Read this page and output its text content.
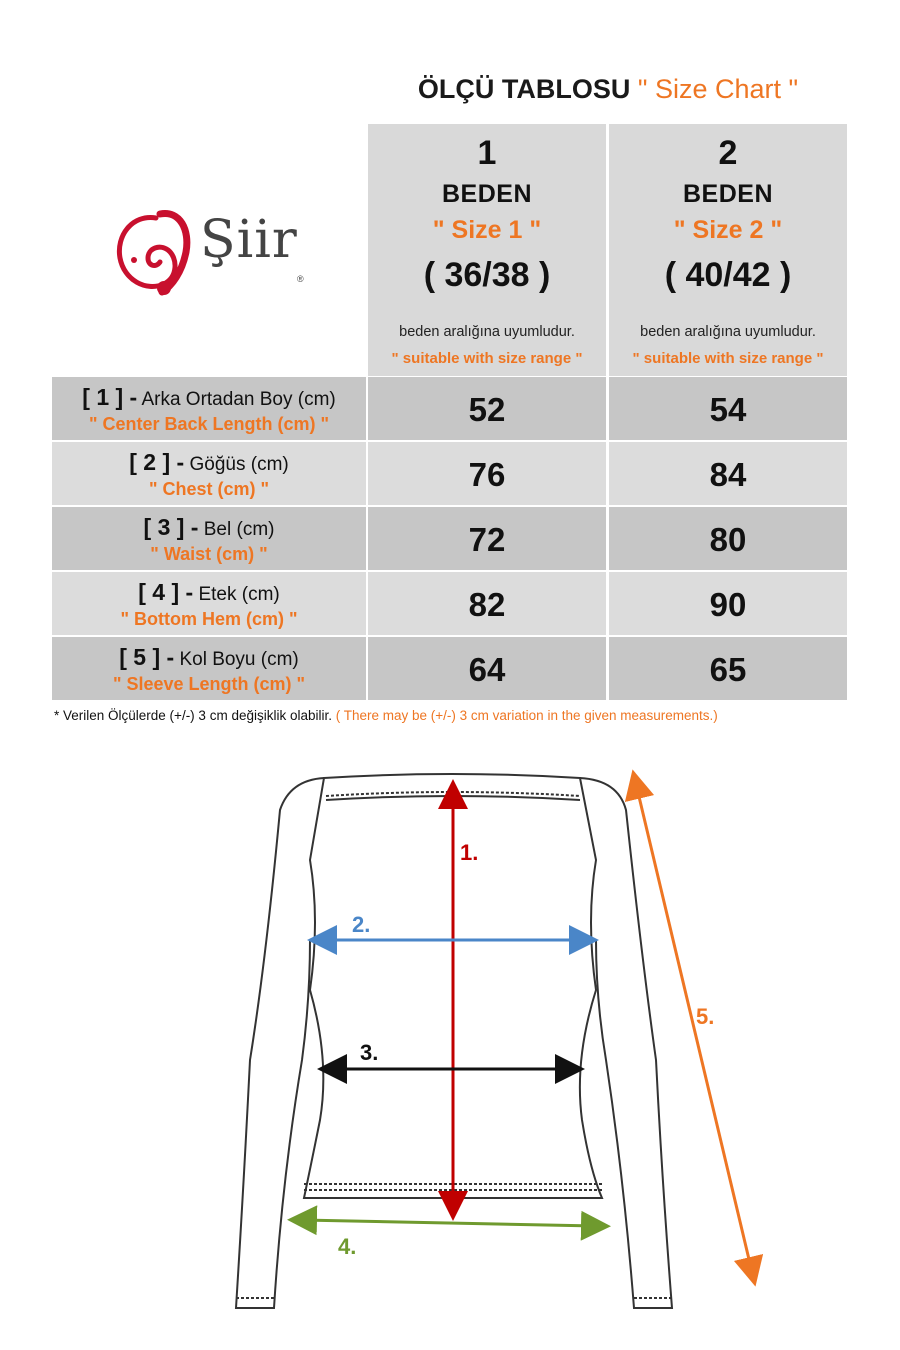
ÖLÇÜ TABLOSU " Size Chart "
Şiir
®
1
BEDEN
" Size 1 "
( 36/38 )
beden aralığına uyumludur.
" suitable with size range "
2
BEDEN
" Size 2 "
( 40/42 )
beden aralığına uyumludur.
" suitable with size range "
[ 1 ] - Arka Ortadan Boy (cm)
" Center Back Length (cm) "	52	54
[ 2 ] - Göğüs (cm)
" Chest (cm) "	76	84
[ 3 ] - Bel (cm)
" Waist (cm) "	72	80
[ 4 ] - Etek (cm)
" Bottom Hem (cm) "	82	90
[ 5 ] - Kol Boyu (cm)
" Sleeve Length (cm) "	64	65
* Verilen Ölçülerde (+/-) 3 cm değişiklik olabilir. ( There may be (+/-) 3 cm variation in the given measurements.)
1.
2.
3.
4.
5.
